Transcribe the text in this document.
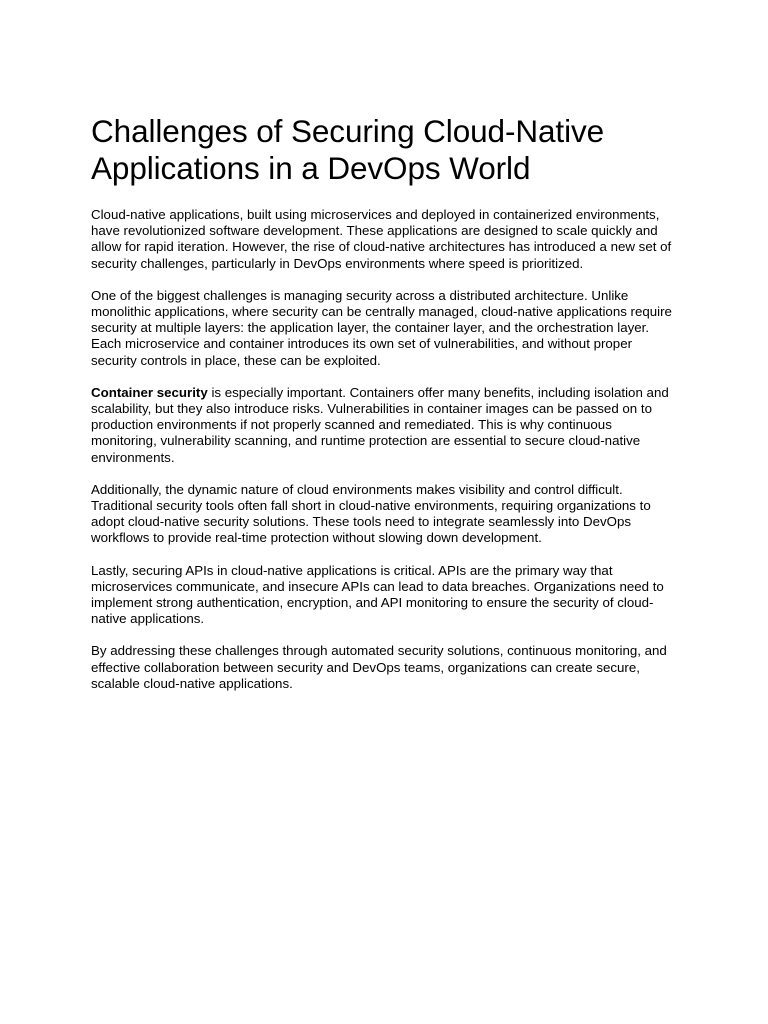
Challenges of Securing Cloud-Native Applications in a DevOps World

Cloud-native applications, built using microservices and deployed in containerized environments, have revolutionized software development. These applications are designed to scale quickly and allow for rapid iteration. However, the rise of cloud-native architectures has introduced a new set of security challenges, particularly in DevOps environments where speed is prioritized.

One of the biggest challenges is managing security across a distributed architecture. Unlike monolithic applications, where security can be centrally managed, cloud-native applications require security at multiple layers: the application layer, the container layer, and the orchestration layer. Each microservice and container introduces its own set of vulnerabilities, and without proper security controls in place, these can be exploited.

Container security is especially important. Containers offer many benefits, including isolation and scalability, but they also introduce risks. Vulnerabilities in container images can be passed on to production environments if not properly scanned and remediated. This is why continuous monitoring, vulnerability scanning, and runtime protection are essential to secure cloud-native environments.

Additionally, the dynamic nature of cloud environments makes visibility and control difficult. Traditional security tools often fall short in cloud-native environments, requiring organizations to adopt cloud-native security solutions. These tools need to integrate seamlessly into DevOps workflows to provide real-time protection without slowing down development.

Lastly, securing APIs in cloud-native applications is critical. APIs are the primary way that microservices communicate, and insecure APIs can lead to data breaches. Organizations need to implement strong authentication, encryption, and API monitoring to ensure the security of cloud-native applications.

By addressing these challenges through automated security solutions, continuous monitoring, and effective collaboration between security and DevOps teams, organizations can create secure, scalable cloud-native applications.
